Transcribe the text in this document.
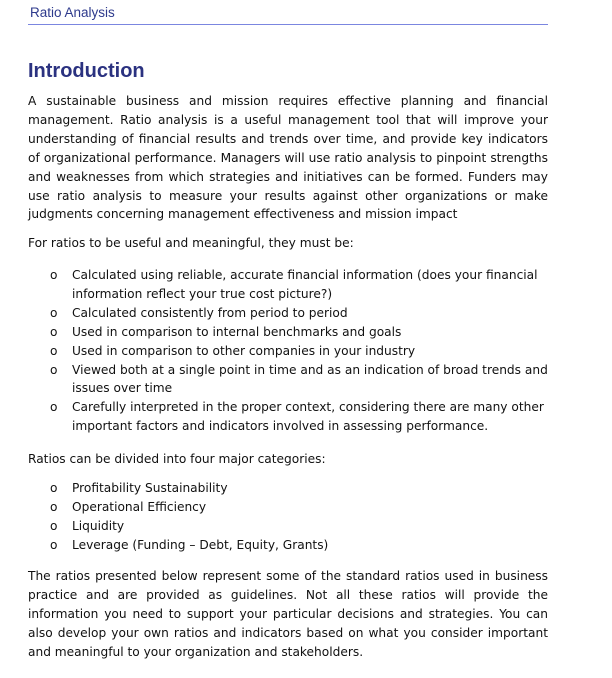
Ratio Analysis
Introduction
A sustainable business and mission requires effective planning and financial management. Ratio analysis is a useful management tool that will improve your understanding of financial results and trends over time, and provide key indicators of organizational performance. Managers will use ratio analysis to pinpoint strengths and weaknesses from which strategies and initiatives can be formed. Funders may use ratio analysis to measure your results against other organizations or make judgments concerning management effectiveness and mission impact
For ratios to be useful and meaningful, they must be:
o Calculated using reliable, accurate financial information (does your financial information reflect your true cost picture?)
o Calculated consistently from period to period
o Used in comparison to internal benchmarks and goals
o Used in comparison to other companies in your industry
o Viewed both at a single point in time and as an indication of broad trends and issues over time
o Carefully interpreted in the proper context, considering there are many other important factors and indicators involved in assessing performance.
Ratios can be divided into four major categories:
o Profitability Sustainability
o Operational Efficiency
o Liquidity
o Leverage (Funding – Debt, Equity, Grants)
The ratios presented below represent some of the standard ratios used in business practice and are provided as guidelines. Not all these ratios will provide the information you need to support your particular decisions and strategies. You can also develop your own ratios and indicators based on what you consider important and meaningful to your organization and stakeholders.
